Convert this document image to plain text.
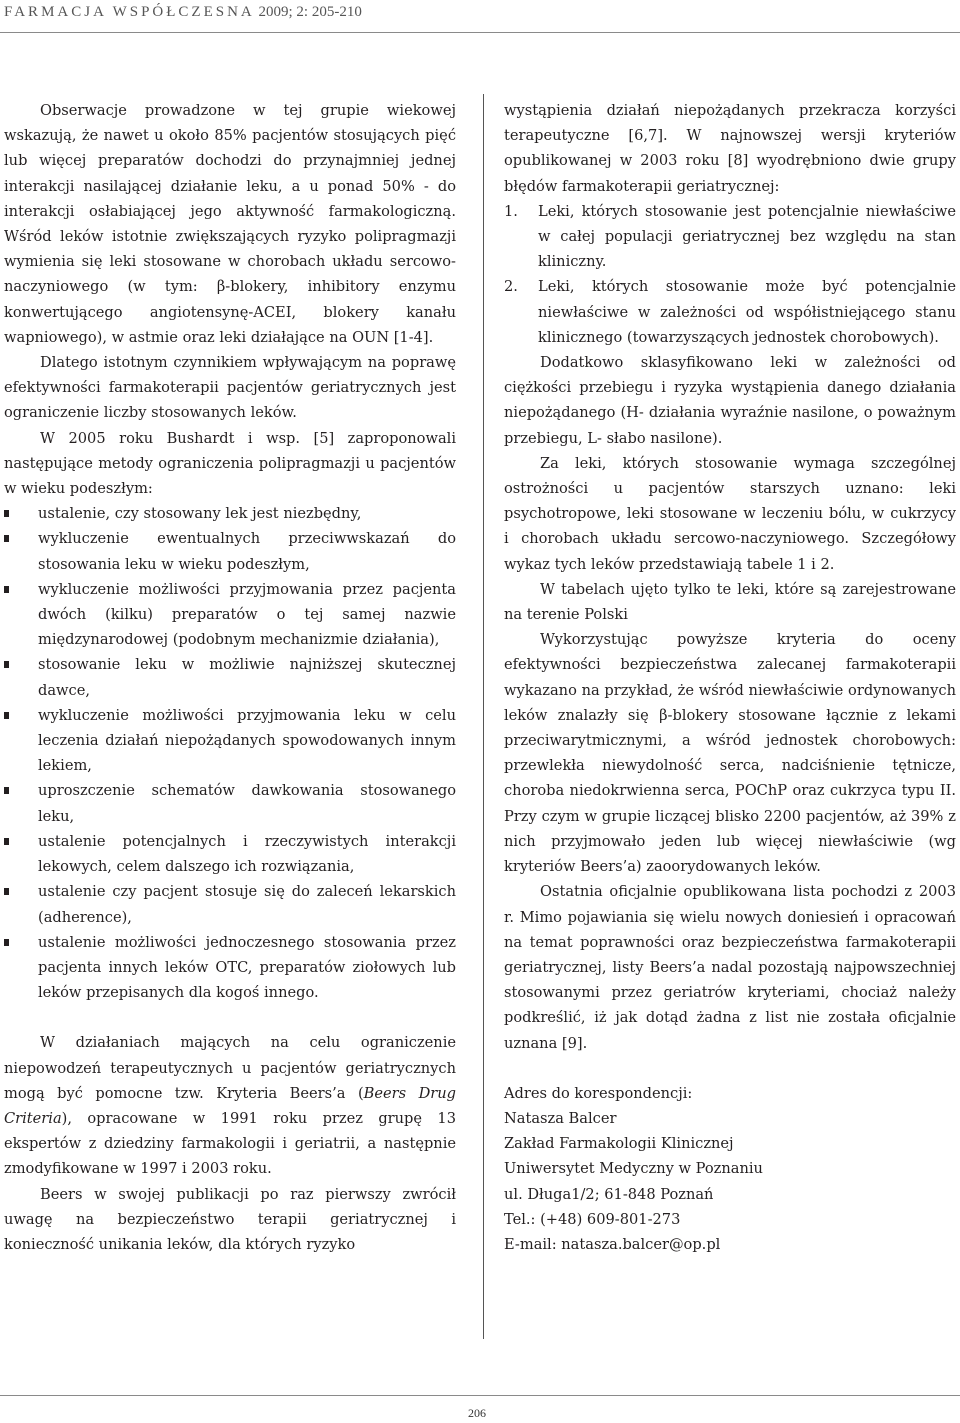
FARMACJA WSPÓŁCZESNA 2009; 2: 205-210

Obserwacje prowadzone w tej grupie wiekowej wskazują, że nawet u około 85% pacjentów stosujących pięć lub więcej preparatów dochodzi do przynajmniej jednej interakcji nasilającej działanie leku, a u ponad 50% - do interakcji osłabiającej jego aktywność farmakologiczną. Wśród leków istotnie zwiększających ryzyko polipragmazji wymienia się leki stosowane w chorobach układu sercowo-naczyniowego (w tym: β-blokery, inhibitory enzymu konwertującego angiotensynę-ACEI, blokery kanału wapniowego), w astmie oraz leki działające na OUN [1-4].

Dlatego istotnym czynnikiem wpływającym na poprawę efektywności farmakoterapii pacjentów geriatrycznych jest ograniczenie liczby stosowanych leków.

W 2005 roku Bushardt i wsp. [5] zaproponowali następujące metody ograniczenia polipragmazji u pacjentów w wieku podeszłym:

ustalenie, czy stosowany lek jest niezbędny,
wykluczenie ewentualnych przeciwwskazań do stosowania leku w wieku podeszłym,
wykluczenie możliwości przyjmowania przez pacjenta dwóch (kilku) preparatów o tej samej nazwie międzynarodowej (podobnym mechanizmie działania),
stosowanie leku w możliwie najniższej skutecznej dawce,
wykluczenie możliwości przyjmowania leku w celu leczenia działań niepożądanych spowodowanych innym lekiem,
uproszczenie schematów dawkowania stosowanego leku,
ustalenie potencjalnych i rzeczywistych interakcji lekowych, celem dalszego ich rozwiązania,
ustalenie czy pacjent stosuje się do zaleceń lekarskich (adherence),
ustalenie możliwości jednoczesnego stosowania przez pacjenta innych leków OTC, preparatów ziołowych lub leków przepisanych dla kogoś innego.

W działaniach mających na celu ograniczenie niepowodzeń terapeutycznych u pacjentów geriatrycznych mogą być pomocne tzw. Kryteria Beers’a (Beers Drug Criteria), opracowane w 1991 roku przez grupę 13 ekspertów z dziedziny farmakologii i geriatrii, a następnie zmodyfikowane w 1997 i 2003 roku.

Beers w swojej publikacji po raz pierwszy zwrócił uwagę na bezpieczeństwo terapii geriatrycznej i konieczność unikania leków, dla których ryzyko

wystąpienia działań niepożądanych przekracza korzyści terapeutyczne [6,7]. W najnowszej wersji kryteriów opublikowanej w 2003 roku [8] wyodrębniono dwie grupy błędów farmakoterapii geriatrycznej:

1. Leki, których stosowanie jest potencjalnie niewłaściwe w całej populacji geriatrycznej bez względu na stan kliniczny.
2. Leki, których stosowanie może być potencjalnie niewłaściwe w zależności od współistniejącego stanu klinicznego (towarzyszących jednostek chorobowych).

Dodatkowo sklasyfikowano leki w zależności od ciężkości przebiegu i ryzyka wystąpienia danego działania niepożądanego (H- działania wyraźnie nasilone, o poważnym przebiegu, L- słabo nasilone).

Za leki, których stosowanie wymaga szczególnej ostrożności u pacjentów starszych uznano: leki psychotropowe, leki stosowane w leczeniu bólu, w cukrzycy i chorobach układu sercowo-naczyniowego. Szczegółowy wykaz tych leków przedstawiają tabele 1 i 2.

W tabelach ujęto tylko te leki, które są zarejestrowane na terenie Polski

Wykorzystując powyższe kryteria do oceny efektywności bezpieczeństwa zalecanej farmakoterapii wykazano na przykład, że wśród niewłaściwie ordynowanych leków znalazły się β-blokery stosowane łącznie z lekami przeciwarytmicznymi, a wśród jednostek chorobowych: przewlekła niewydolność serca, nadciśnienie tętnicze, choroba niedokrwienna serca, POChP oraz cukrzyca typu II. Przy czym w grupie liczącej blisko 2200 pacjentów, aż 39% z nich przyjmowało jeden lub więcej niewłaściwie (wg kryteriów Beers’a) zaoorydowanych leków.

Ostatnia oficjalnie opublikowana lista pochodzi z 2003 r. Mimo pojawiania się wielu nowych doniesień i opracowań na temat poprawności oraz bezpieczeństwa farmakoterapii geriatrycznej, listy Beers’a nadal pozostają najpowszechniej stosowanymi przez geriatrów kryteriami, chociaż należy podkreślić, iż jak dotąd żadna z list nie została oficjalnie uznana [9].

Adres do korespondencji:

Natasza Balcer

Zakład Farmakologii Klinicznej

Uniwersytet Medyczny w Poznaniu

ul. Długa1/2; 61-848 Poznań

Tel.: (+48) 609-801-273

E-mail: natasza.balcer@op.pl

206
